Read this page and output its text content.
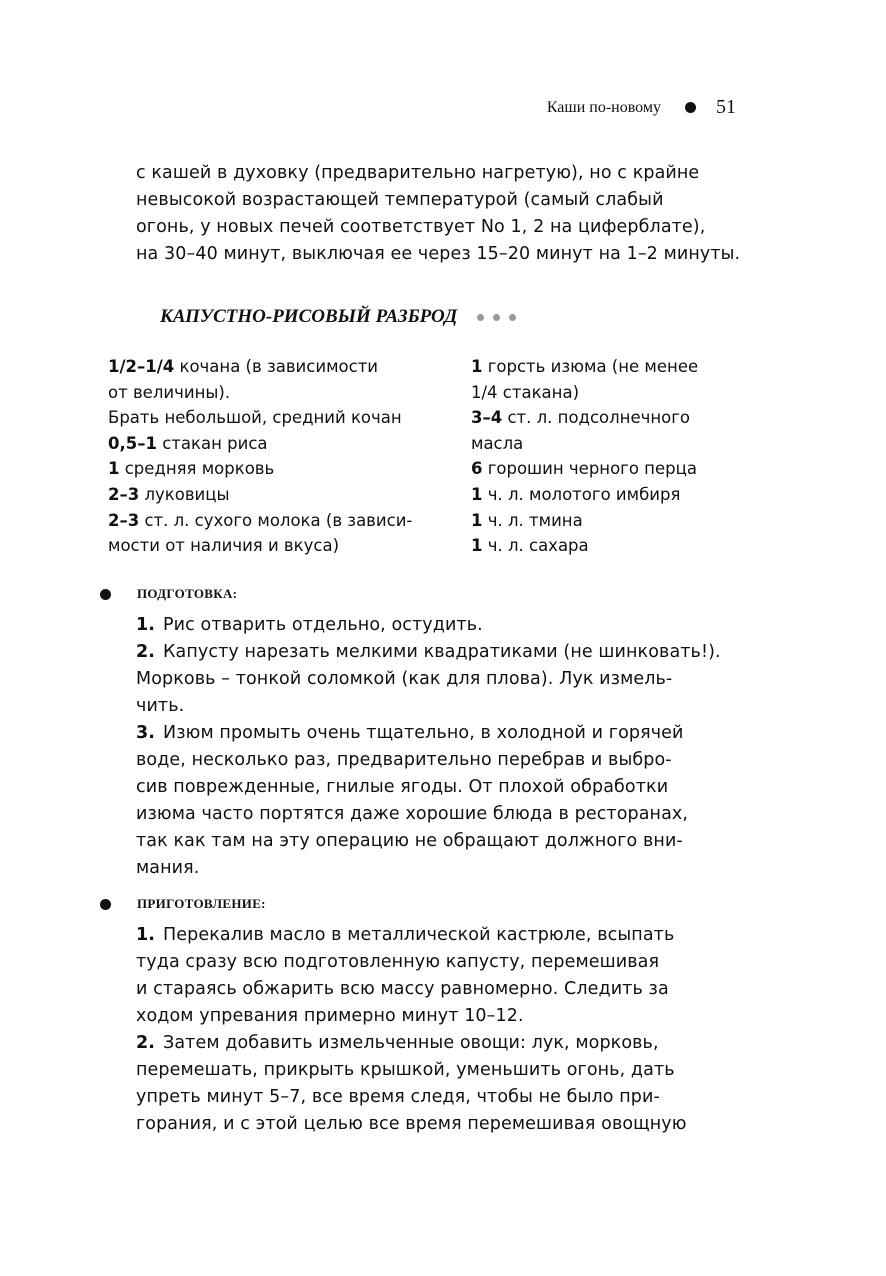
Каши по-новому	51
с кашей в духовку (предварительно нагретую), но с крайне
невысокой возрастающей температурой (самый слабый
огонь, у новых печей соответствует No 1, 2 на циферблате),
на 30–40 минут, выключая ее через 15–20 минут на 1–2 минуты.
КАПУСТНО-РИСОВЫЙ РАЗБРОД
1/2–1/4 кочана (в зависимости
от величины).
Брать небольшой, средний кочан
0,5–1 стакан риса
1 средняя морковь
2–3 луковицы
2–3 ст. л. сухого молока (в зависи-
мости от наличия и вкуса)
1 горсть изюма (не менее
1/4 стакана)
3–4 ст. л. подсолнечного
масла
6 горошин черного перца
1 ч. л. молотого имбиря
1 ч. л. тмина
1 ч. л. сахара
ПОДГОТОВКА:
1. Рис отварить отдельно, остудить.
2. Капусту нарезать мелкими квадратиками (не шинковать!).
Морковь – тонкой соломкой (как для плова). Лук измель-
чить.
3. Изюм промыть очень тщательно, в холодной и горячей
воде, несколько раз, предварительно перебрав и выбро-
сив поврежденные, гнилые ягоды. От плохой обработки
изюма часто портятся даже хорошие блюда в ресторанах,
так как там на эту операцию не обращают должного вни-
мания.
ПРИГОТОВЛЕНИЕ:
1. Перекалив масло в металлической кастрюле, всыпать
туда сразу всю подготовленную капусту, перемешивая
и стараясь обжарить всю массу равномерно. Следить за
ходом упревания примерно минут 10–12.
2. Затем добавить измельченные овощи: лук, морковь,
перемешать, прикрыть крышкой, уменьшить огонь, дать
упреть минут 5–7, все время следя, чтобы не было при-
горания, и с этой целью все время перемешивая овощную
